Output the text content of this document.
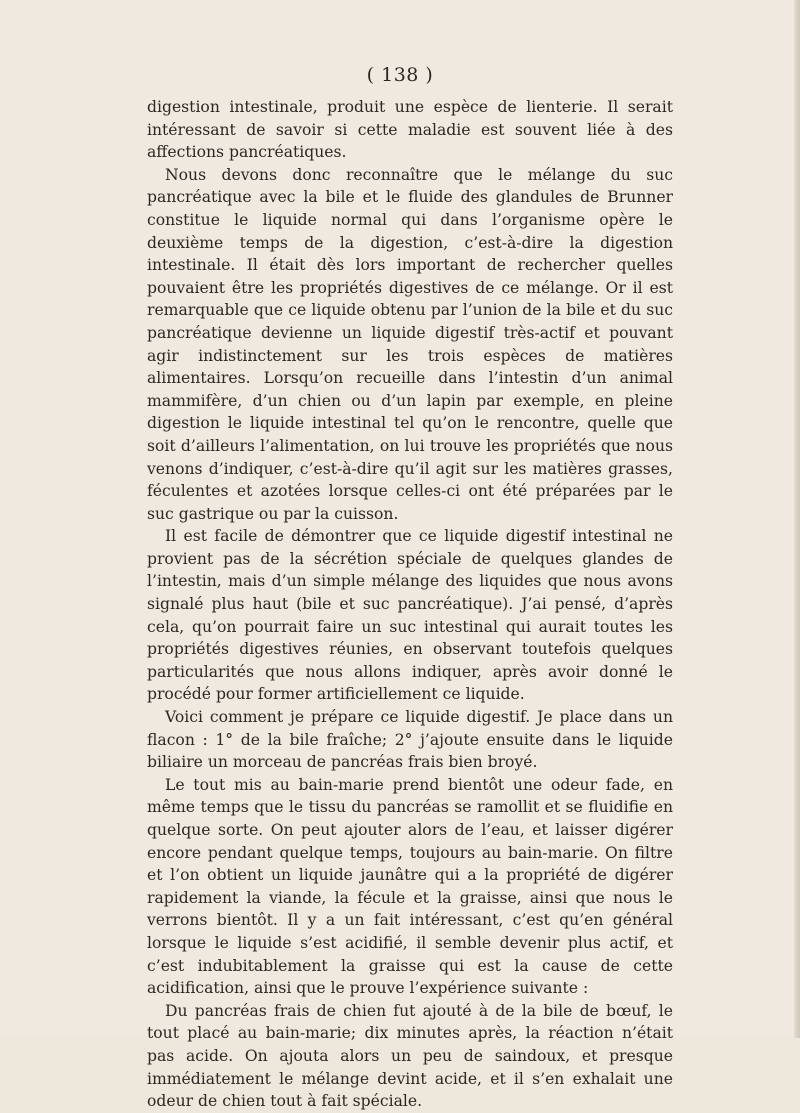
( 138 )

digestion intestinale, produit une espèce de lienterie. Il serait intéressant de savoir si cette maladie est souvent liée à des affections pancréatiques.

Nous devons donc reconnaître que le mélange du suc pancréatique avec la bile et le fluide des glandules de Brunner constitue le liquide normal qui dans l’organisme opère le deuxième temps de la digestion, c’est-à-dire la digestion intestinale. Il était dès lors important de rechercher quelles pouvaient être les propriétés digestives de ce mélange. Or il est remarquable que ce liquide obtenu par l’union de la bile et du suc pancréatique devienne un liquide digestif très-actif et pouvant agir indistinctement sur les trois espèces de matières alimentaires. Lorsqu’on recueille dans l’intestin d’un animal mammifère, d’un chien ou d’un lapin par exemple, en pleine digestion le liquide intestinal tel qu’on le rencontre, quelle que soit d’ailleurs l’alimentation, on lui trouve les propriétés que nous venons d’indiquer, c’est-à-dire qu’il agit sur les matières grasses, féculentes et azotées lorsque celles-ci ont été préparées par le suc gastrique ou par la cuisson.

Il est facile de démontrer que ce liquide digestif intestinal ne provient pas de la sécrétion spéciale de quelques glandes de l’intestin, mais d’un simple mélange des liquides que nous avons signalé plus haut (bile et suc pancréatique). J’ai pensé, d’après cela, qu’on pourrait faire un suc intestinal qui aurait toutes les propriétés digestives réunies, en observant toutefois quelques particularités que nous allons indiquer, après avoir donné le procédé pour former artificiellement ce liquide.

Voici comment je prépare ce liquide digestif. Je place dans un flacon : 1° de la bile fraîche; 2° j’ajoute ensuite dans le liquide biliaire un morceau de pancréas frais bien broyé.

Le tout mis au bain-marie prend bientôt une odeur fade, en même temps que le tissu du pancréas se ramollit et se fluidifie en quelque sorte. On peut ajouter alors de l’eau, et laisser digérer encore pendant quelque temps, toujours au bain-marie. On filtre et l’on obtient un liquide jaunâtre qui a la propriété de digérer rapidement la viande, la fécule et la graisse, ainsi que nous le verrons bientôt. Il y a un fait intéressant, c’est qu’en général lorsque le liquide s’est acidifié, il semble devenir plus actif, et c’est indubitablement la graisse qui est la cause de cette acidification, ainsi que le prouve l’expérience suivante :

Du pancréas frais de chien fut ajouté à de la bile de bœuf, le tout placé au bain-marie; dix minutes après, la réaction n’était pas acide. On ajouta alors un peu de saindoux, et presque immédiatement le mélange devint acide, et il s’en exhalait une odeur de chien tout à fait spéciale.
